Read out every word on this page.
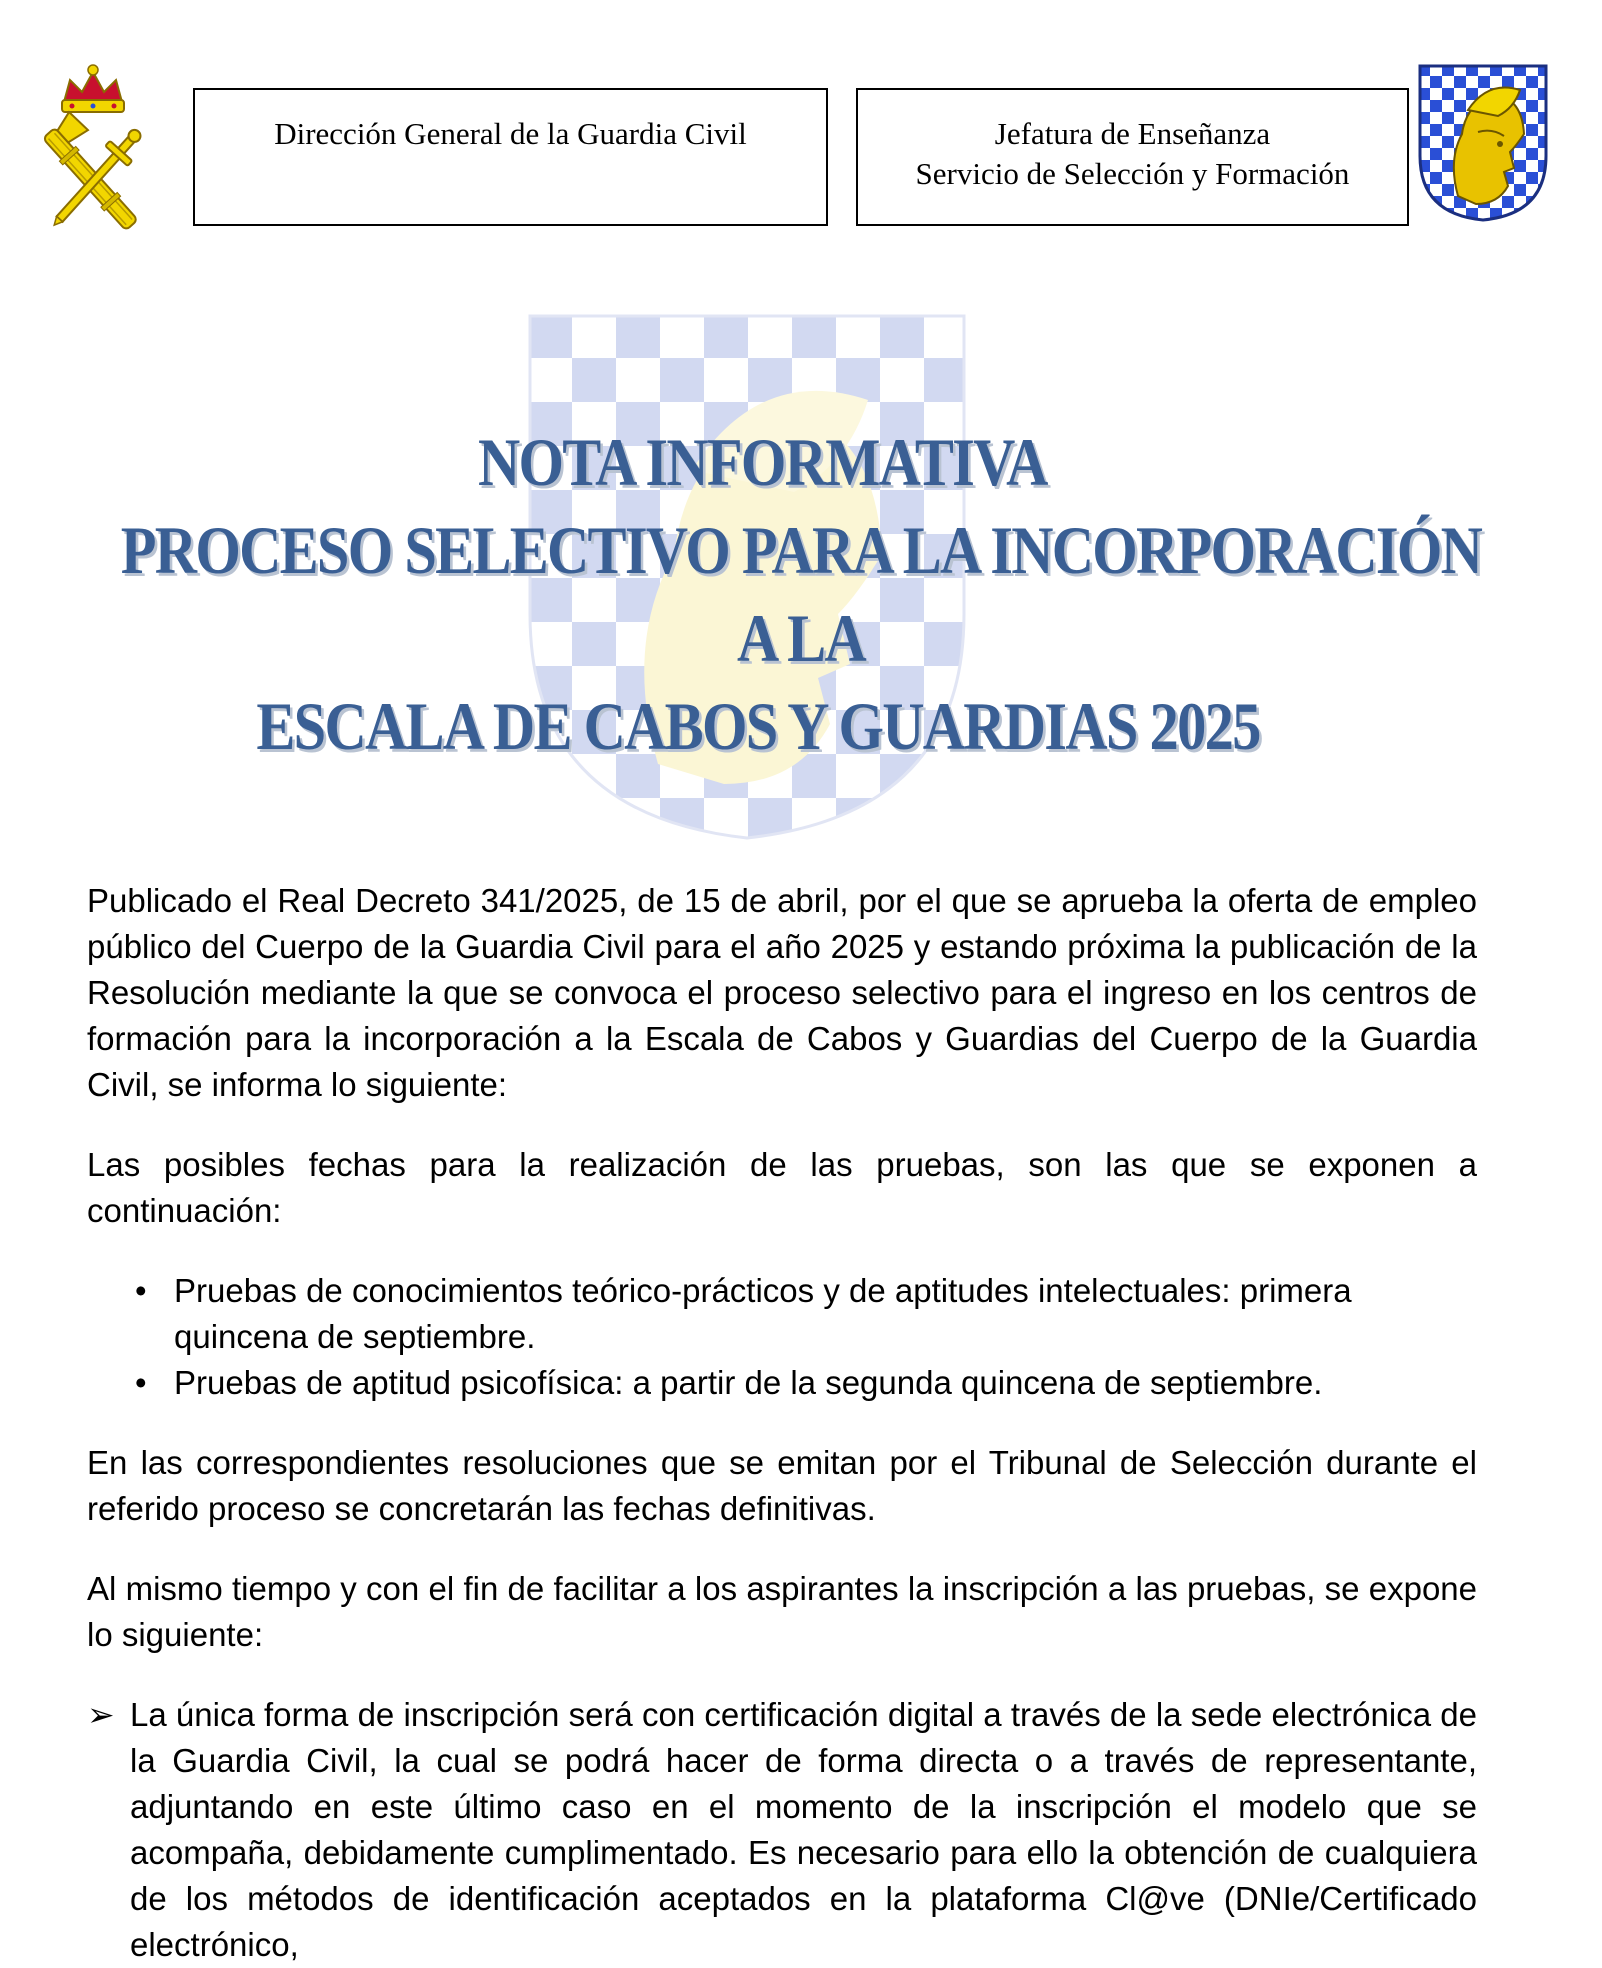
Dirección General de la Guardia Civil	Jefatura de Enseñanza
Servicio de Selección y Formación
NOTA INFORMATIVA
PROCESO SELECTIVO PARA LA INCORPORACIÓN A LA
ESCALA DE CABOS Y GUARDIAS 2025

Publicado el Real Decreto 341/2025, de 15 de abril, por el que se aprueba la oferta de empleo público del Cuerpo de la Guardia Civil para el año 2025 y estando próxima la publicación de la Resolución mediante la que se convoca el proceso selectivo para el ingreso en los centros de formación para la incorporación a la Escala de Cabos y Guardias del Cuerpo de la Guardia Civil, se informa lo siguiente:

Las posibles fechas para la realización de las pruebas, son las que se exponen a continuación:

• Pruebas de conocimientos teórico-prácticos y de aptitudes intelectuales: primera quincena de septiembre.
• Pruebas de aptitud psicofísica: a partir de la segunda quincena de septiembre.

En las correspondientes resoluciones que se emitan por el Tribunal de Selección durante el referido proceso se concretarán las fechas definitivas.

Al mismo tiempo y con el fin de facilitar a los aspirantes la inscripción a las pruebas, se expone lo siguiente:

➢ La única forma de inscripción será con certificación digital a través de la sede electrónica de la Guardia Civil, la cual se podrá hacer de forma directa o a través de representante, adjuntando en este último caso en el momento de la inscripción el modelo que se acompaña, debidamente cumplimentado. Es necesario para ello la obtención de cualquiera de los métodos de identificación aceptados en la plataforma Cl@ve (DNIe/Certificado electrónico,
